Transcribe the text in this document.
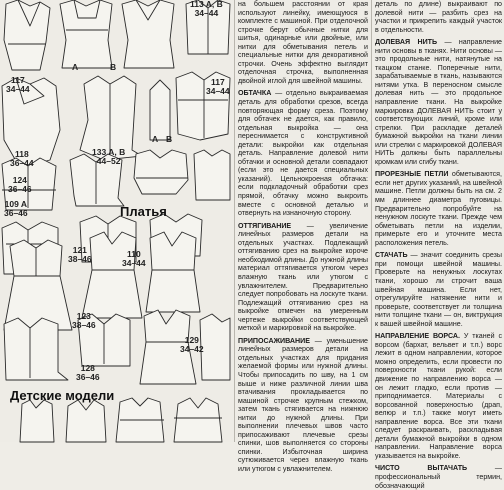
117
34–44
113 A, B
34–44
118
36–44
133 A, B
44–52
117
34–44
109 A
36–46
124
36–46
121
38–46	110
34–44
123
38–46
128
36–46
129
34–42
A	B
A B
Платья
Детские модели

на большем расстоянии от края используют линейку, имеющуюся в комплекте с машиной. При отделочной строчке берут обычные нитки для шитья, одинарные или двойные, или нитки для обметывания петель и специальные нитки для декоративной строчки. Очень эффектно выглядит отделочная строчка, выполненная двойной иглой для швейной машины.

ОБТАЧКА — отдельно выкраиваемая деталь для обработки срезов, всегда повторяющая форму среза. Поэтому для обтачек не дается, как правило, отдельная выкройка — она переснимается с конструктивной детали: выкройки как отдельная деталь. Направление долевой нити обтачки и основной детали совпадают (если это не дается специальных указаний). Цельнокроеная обтачка: если подкладочный обработки срез прямой, обтачку можно выкроить вместе с основной деталью и отвернуть на изнаночную сторону.

ОТТЯГИВАНИЕ — увеличение линейных размеров детали на отдельных участках. Подлежащий оттягиванию срез на выкройке короче необходимой длины. До нужной длины материал оттягивается утюгом через влажную ткань или утюгом с увлажнителем. Предварительно следует попробовать на лоскуте ткани. Подлежащий оттягиванию срез на выкройке отмечен на умеренным чертеже выкройки соответствующей меткой и маркировкой на выкройке.

ПРИПОСАЖИВАНИЕ — уменьшение линейных размеров детали на отдельных участках для придания желаемой формы или нужной длины. Чтобы припосадить по шву, на 1 см выше и ниже различной линии шва втачивания прокладывается по машиной строчке крупным стежком, затем ткань стягивается на нижнюю нитки до нужной длины. При выполнении плечевых швов часто припосаживают плечевые срезы спинки, шов выполняется со стороны спинки. Избыточная ширина сутюживается через влажную ткань или утюгом с увлажнителем.

деталь по длине) выкраивают по долевой нити — разбить срез на участки и прикрепить каждый участок в отдельности.

ДОЛЕВАЯ НИТЬ — направление нити основы в тканях. Нити основы — это продольные нити, натянутые на ткацком станке. Поперечные нити, зарабатываемые в ткань, называются нитями утка. В переносном смысле долевая нить — это продольное направление ткани. На выкройке маркировка ДОЛЕВАЯ НИТЬ стоит у соответствующих линий, кроме или стрелки. При раскладке деталей бумажной выкройки на ткани линии или стрелки с маркировкой ДОЛЕВАЯ НИТЬ должны быть параллельны кромкам или сгибу ткани.

ПРОРЕЗНЫЕ ПЕТЛИ обметываются, если нет других указаний, на швейной машине. Петли должны быть на см. 2 мм длиннее диаметра пуговицы. Предварительно попробуйте на ненужном лоскуте ткани. Прежде чем обметывать петли на изделии, примерьте его и уточните места расположения петель.

СТАЧАТЬ — значит соединить срезы при помощи швейной машины. Проверьте на ненужных лоскутах ткани, хорошо ли строчит ваша швейная машина. Если нет, отрегулируйте натяжение нити и проверьте, соответствует ли толщина нити толщине ткани — он, виктрукция к вашей швейной машине.

НАПРАВЛЕНИЕ ВОРСА. У тканей с ворсом (бархат, вельвет и т.п.) ворс лежит в одном направлении, которое можно определить, если провести по поверхности ткани рукой: если движение по направлению ворса — он лежит гладко, если против — приподнимается. Материалы с ворсованной поверхностью (драп, велюр и т.п.) также могут иметь направление ворса. Все эти ткани следует раскраивать, раскладывая детали бумажной выкройки в одном направлении. Направление ворса указывается на выкройке.

ЧИСТО ВЫТАЧАТЬ — профессиональный термин, обозначающий
